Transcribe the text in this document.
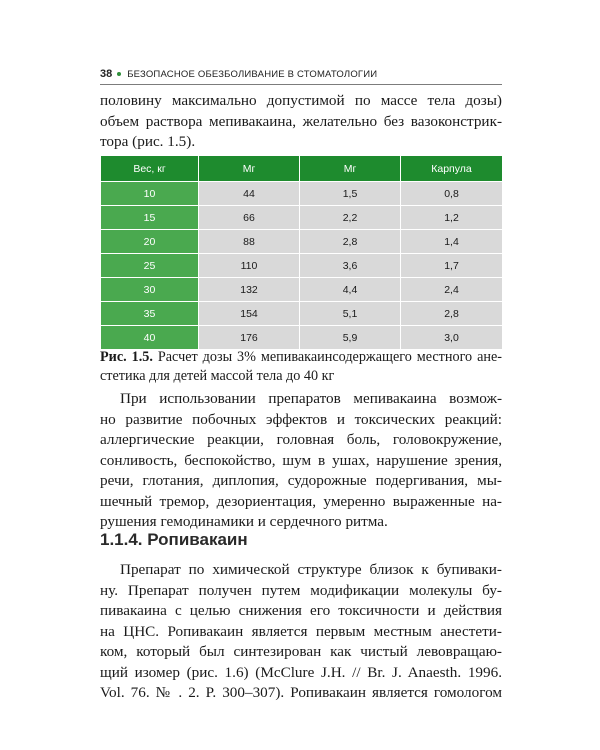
38 БЕЗОПАСНОЕ ОБЕЗБОЛИВАНИЕ В СТОМАТОЛОГИИ
половину максимально допустимой по массе тела дозы)
объем раствора мепивакаина, желательно без вазоконстрик-
тора (рис. 1.5).
Вес, кг	Мг	Мг	Карпула
10	44	1,5	0,8
15	66	2,2	1,2
20	88	2,8	1,4
25	110	3,6	1,7
30	132	4,4	2,4
35	154	5,1	2,8
40	176	5,9	3,0
Рис. 1.5. Расчет дозы 3% мепивакаинсодержащего местного ане-
стетика для детей массой тела до 40 кг
При использовании препаратов мепивакаина возмож-
но развитие побочных эффектов и токсических реакций:
аллергические реакции, головная боль, головокружение,
сонливость, беспокойство, шум в ушах, нарушение зрения,
речи, глотания, диплопия, судорожные подергивания, мы-
шечный тремор, дезориентация, умеренно выраженные на-
рушения гемодинамики и сердечного ритма.
1.1.4. Ропивакаин
Препарат по химической структуре близок к бупиваки-
ну. Препарат получен путем модификации молекулы бу-
пивакаина с целью снижения его токсичности и действия
на ЦНС. Ропивакаин является первым местным анестети-
ком, который был синтезирован как чистый левовращаю-
щий изомер (рис. 1.6) (McClure J.H. // Br. J. Anaesth. 1996.
Vol. 76. № . 2. P. 300–307). Ропивакаин является гомологом
